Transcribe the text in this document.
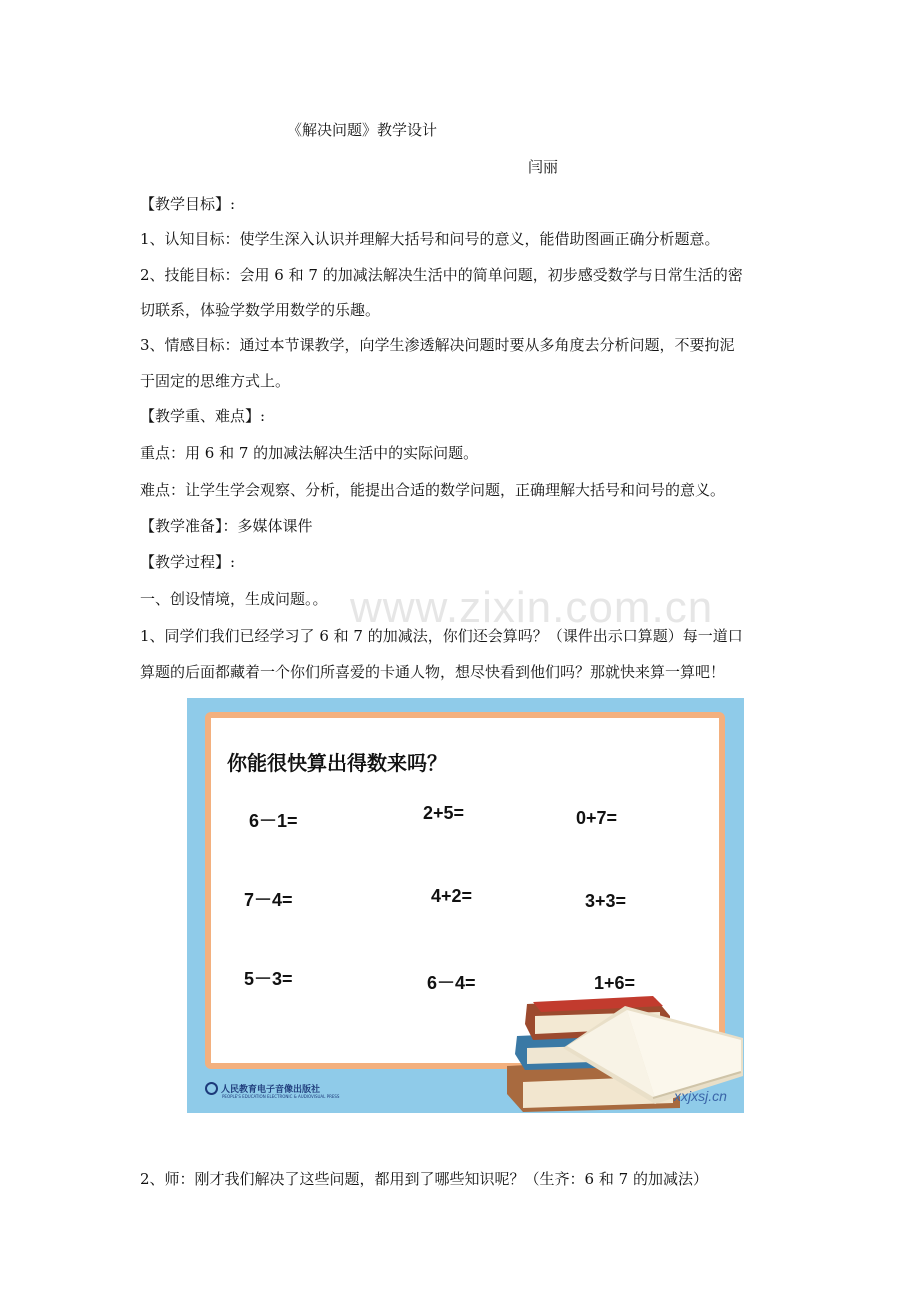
www.zixin.com.cn

《解决问题》教学设计

闫丽

【教学目标】:

1、认知目标：使学生深入认识并理解大括号和问号的意义，能借助图画正确分析题意。

2、技能目标：会用 6 和 7 的加减法解决生活中的简单问题，初步感受数学与日常生活的密

切联系，体验学数学用数学的乐趣。

3、情感目标：通过本节课教学，向学生渗透解决问题时要从多角度去分析问题，不要拘泥

于固定的思维方式上。

【教学重、难点】:

重点：用 6 和 7 的加减法解决生活中的实际问题。

难点：让学生学会观察、分析，能提出合适的数学问题，正确理解大括号和问号的意义。

【教学准备】：多媒体课件

【教学过程】:

一、创设情境，生成问题。。

1、同学们我们已经学习了 6 和 7 的加减法，你们还会算吗？（课件出示口算题）每一道口

算题的后面都藏着一个你们所喜爱的卡通人物，想尽快看到他们吗？那就快来算一算吧！

你能很快算出得数来吗？
6－1=	2+5=	0+7=
7－4=	4+2=	3+3=
5－3=	6－4=	1+6=
人民教育电子音像出版社
PEOPLE'S EDUCATION ELECTRONIC & AUDIOVISUAL PRESS	xxjxsj.cn

2、师：刚才我们解决了这些问题，都用到了哪些知识呢？（生齐：6 和 7 的加减法）
